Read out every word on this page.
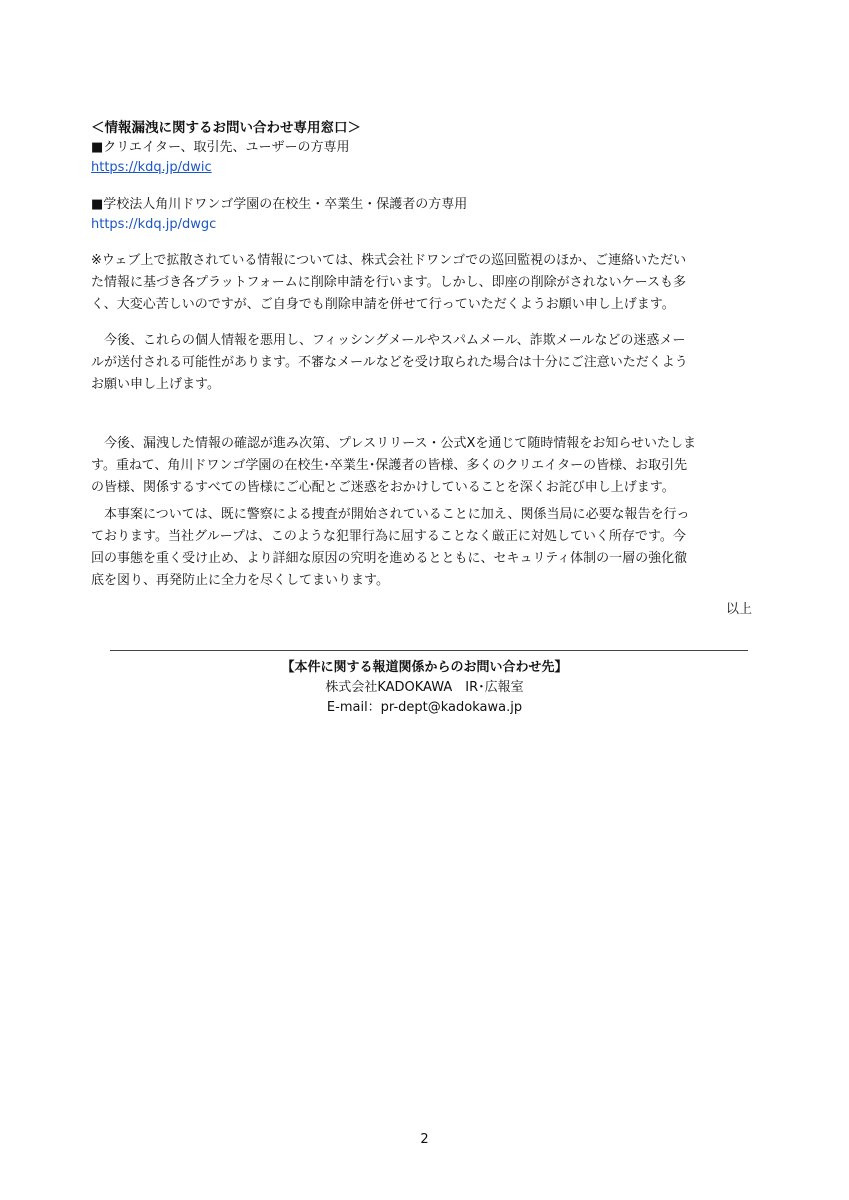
＜情報漏洩に関するお問い合わせ専用窓口＞
■クリエイター、取引先、ユーザーの方専用
https://kdq.jp/dwic
■学校法人角川ドワンゴ学園の在校生・卒業生・保護者の方専用
https://kdq.jp/dwgc
※ウェブ上で拡散されている情報については、株式会社ドワンゴでの巡回監視のほか、ご連絡いただい
た情報に基づき各プラットフォームに削除申請を行います。しかし、即座の削除がされないケースも多
く、大変心苦しいのですが、ご自身でも削除申請を併せて行っていただくようお願い申し上げます。
　今後、これらの個人情報を悪用し、フィッシングメールやスパムメール、詐欺メールなどの迷惑メー
ルが送付される可能性があります。不審なメールなどを受け取られた場合は十分にご注意いただくよう
お願い申し上げます。
　今後、漏洩した情報の確認が進み次第、プレスリリース・公式Xを通じて随時情報をお知らせいたしま
す。重ねて、角川ドワンゴ学園の在校生･卒業生･保護者の皆様、多くのクリエイターの皆様、お取引先
の皆様、関係するすべての皆様にご心配とご迷惑をおかけしていることを深くお詫び申し上げます。
　本事案については、既に警察による捜査が開始されていることに加え、関係当局に必要な報告を行っ
ております。当社グループは、このような犯罪行為に屈することなく厳正に対処していく所存です。今
回の事態を重く受け止め、より詳細な原因の究明を進めるとともに、セキュリティ体制の一層の強化徹
底を図り、再発防止に全力を尽くしてまいります。
以上
【本件に関する報道関係からのお問い合わせ先】
株式会社KADOKAWA　IR･広報室
E-mail：pr-dept@kadokawa.jp
2
